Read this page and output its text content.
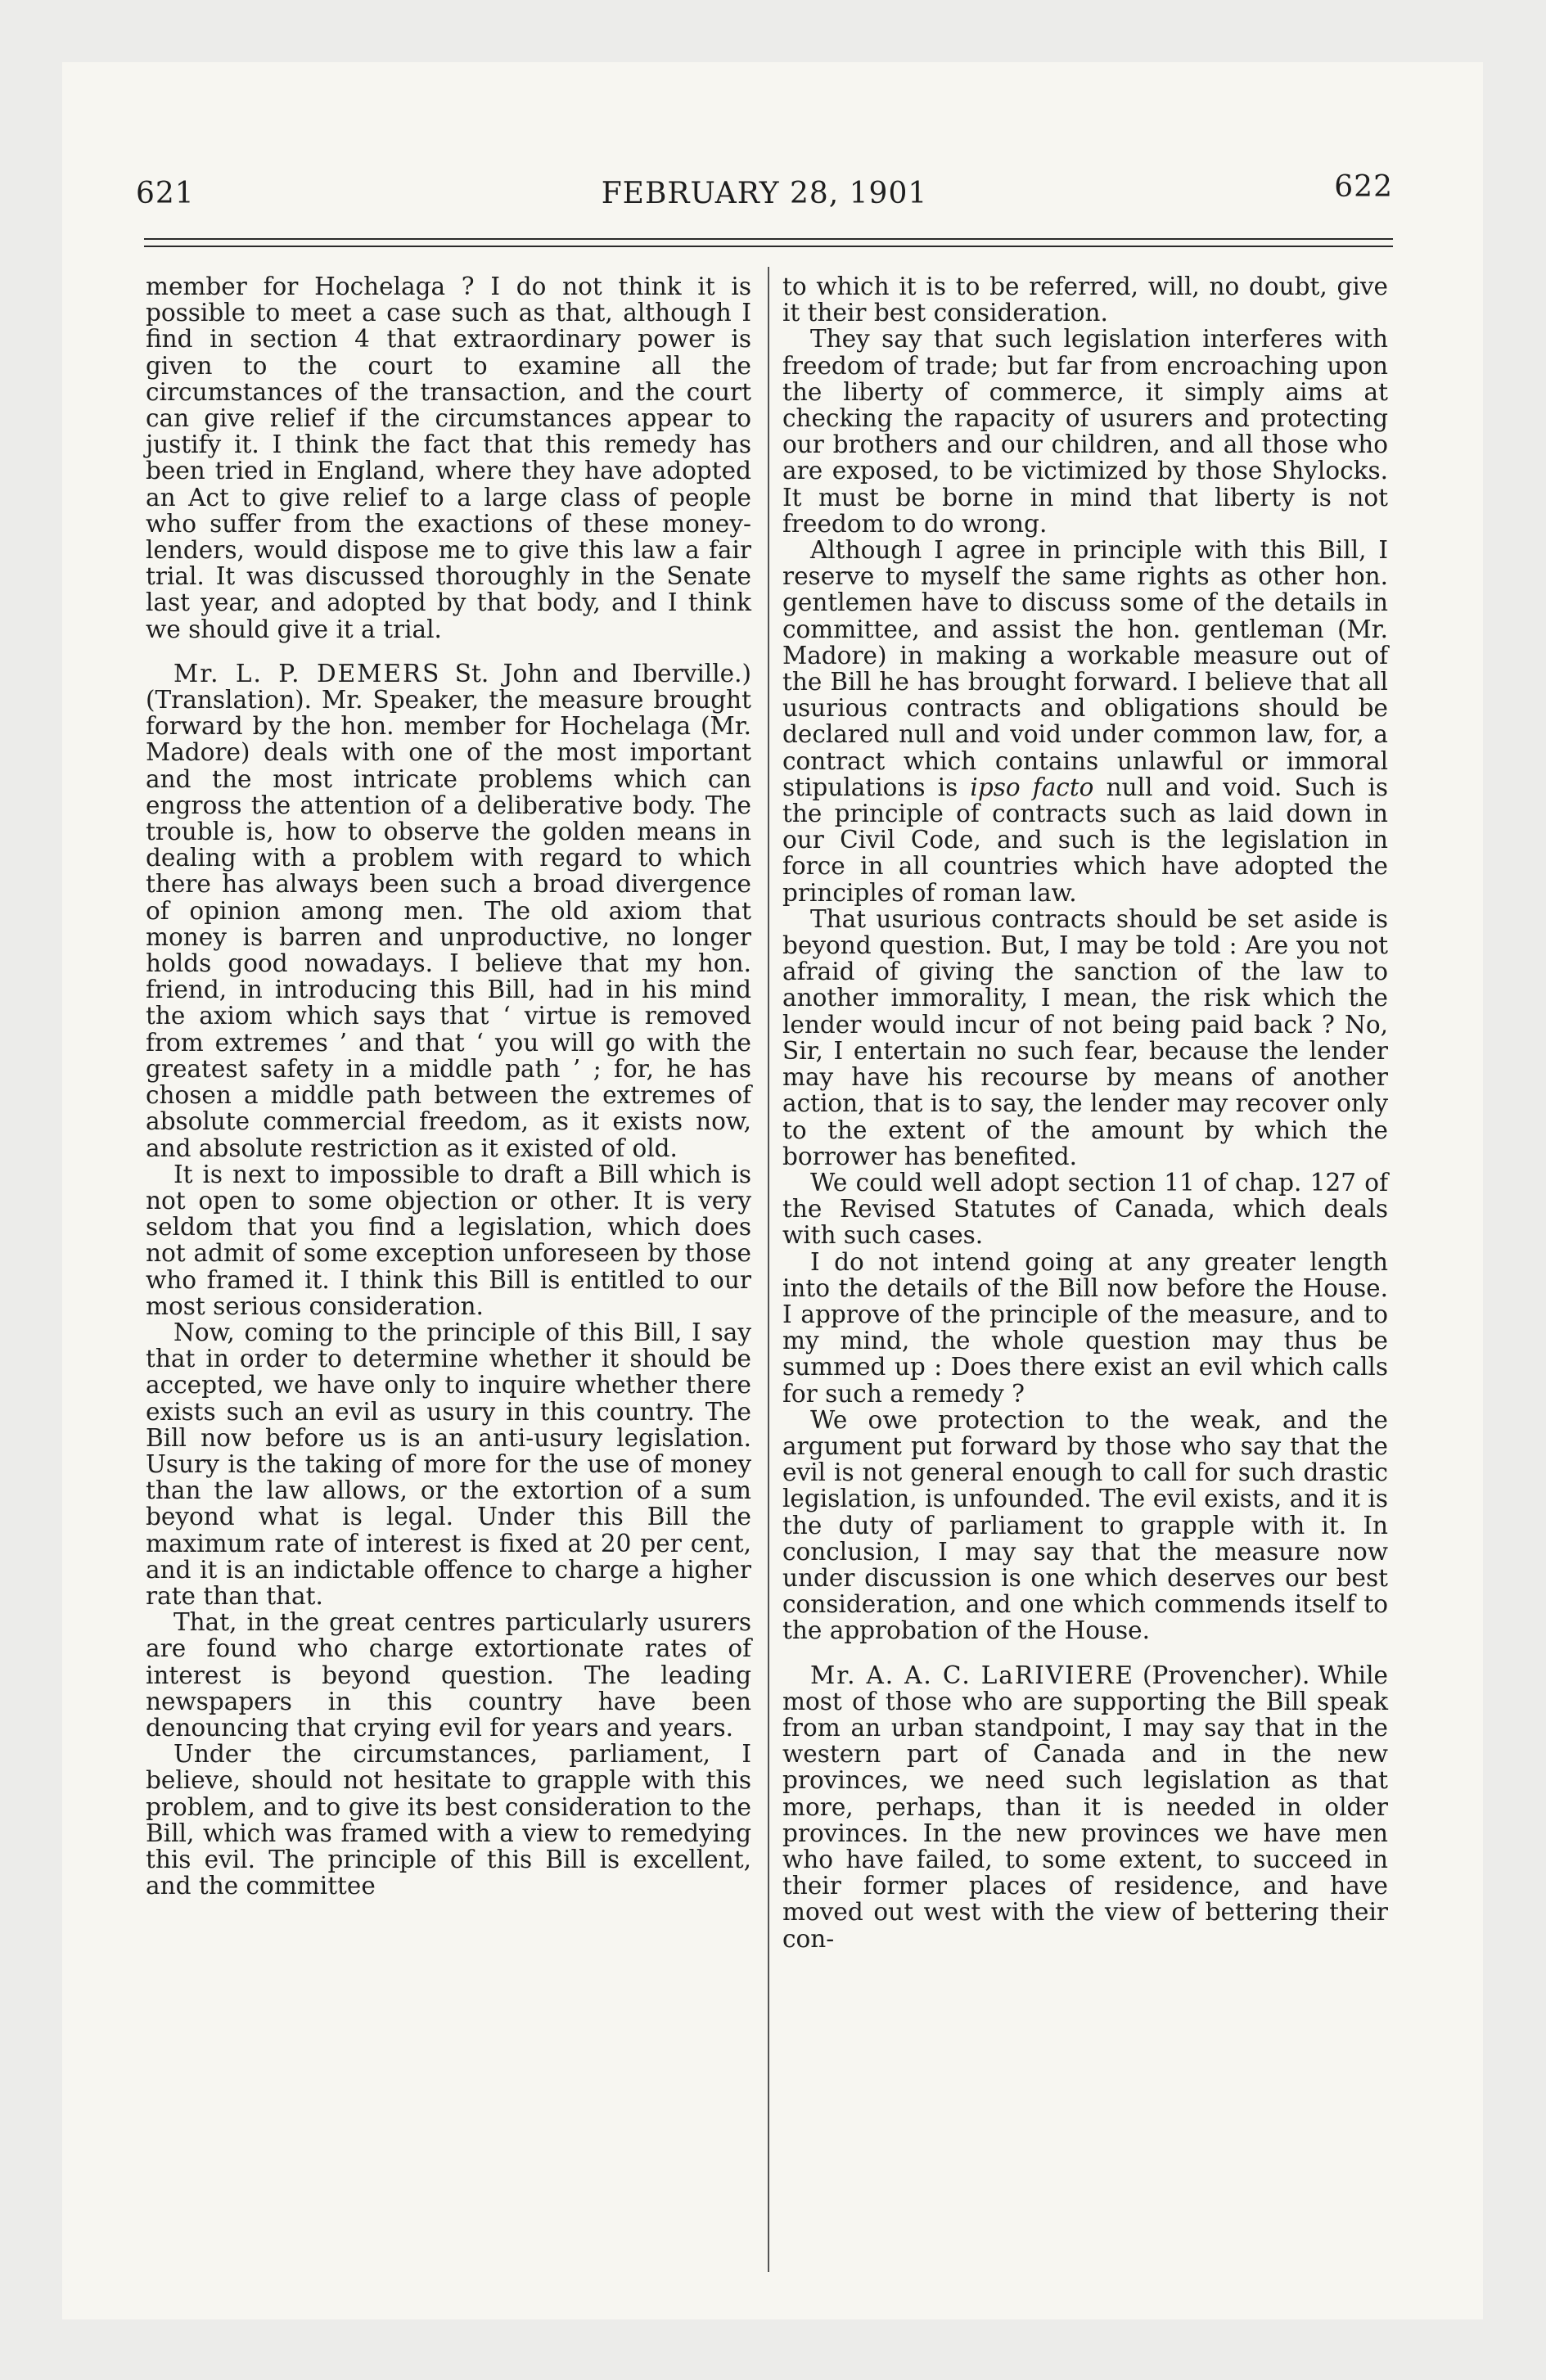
621	FEBRUARY 28, 1901	622

member for Hochelaga ? I do not think it is possible to meet a case such as that, although I find in section 4 that extraordinary power is given to the court to examine all the circumstances of the transaction, and the court can give relief if the circumstances appear to justify it. I think the fact that this remedy has been tried in England, where they have adopted an Act to give relief to a large class of people who suffer from the exactions of these money-lenders, would dispose me to give this law a fair trial. It was discussed thoroughly in the Senate last year, and adopted by that body, and I think we should give it a trial.

Mr. L. P. DEMERS St. John and Iberville.) (Translation). Mr. Speaker, the measure brought forward by the hon. member for Hochelaga (Mr. Madore) deals with one of the most important and the most intricate problems which can engross the attention of a deliberative body. The trouble is, how to observe the golden means in dealing with a problem with regard to which there has always been such a broad divergence of opinion among men. The old axiom that money is barren and unproductive, no longer holds good nowadays. I believe that my hon. friend, in introducing this Bill, had in his mind the axiom which says that ‘ virtue is removed from extremes ’ and that ‘ you will go with the greatest safety in a middle path ’ ; for, he has chosen a middle path between the extremes of absolute commercial freedom, as it exists now, and absolute restriction as it existed of old.

It is next to impossible to draft a Bill which is not open to some objection or other. It is very seldom that you find a legislation, which does not admit of some exception unforeseen by those who framed it. I think this Bill is entitled to our most serious consideration.

Now, coming to the principle of this Bill, I say that in order to determine whether it should be accepted, we have only to inquire whether there exists such an evil as usury in this country. The Bill now before us is an anti-usury legislation. Usury is the taking of more for the use of money than the law allows, or the extortion of a sum beyond what is legal. Under this Bill the maximum rate of interest is fixed at 20 per cent, and it is an indictable offence to charge a higher rate than that.

That, in the great centres particularly usurers are found who charge extortionate rates of interest is beyond question. The leading newspapers in this country have been denouncing that crying evil for years and years.

Under the circumstances, parliament, I believe, should not hesitate to grapple with this problem, and to give its best consideration to the Bill, which was framed with a view to remedying this evil. The principle of this Bill is excellent, and the committee

to which it is to be referred, will, no doubt, give it their best consideration.

They say that such legislation interferes with freedom of trade; but far from encroaching upon the liberty of commerce, it simply aims at checking the rapacity of usurers and protecting our brothers and our children, and all those who are exposed, to be victimized by those Shylocks. It must be borne in mind that liberty is not freedom to do wrong.

Although I agree in principle with this Bill, I reserve to myself the same rights as other hon. gentlemen have to discuss some of the details in committee, and assist the hon. gentleman (Mr. Madore) in making a workable measure out of the Bill he has brought forward. I believe that all usurious contracts and obligations should be declared null and void under common law, for, a contract which contains unlawful or immoral stipulations is ipso facto null and void. Such is the principle of contracts such as laid down in our Civil Code, and such is the legislation in force in all countries which have adopted the principles of roman law.

That usurious contracts should be set aside is beyond question. But, I may be told : Are you not afraid of giving the sanction of the law to another immorality, I mean, the risk which the lender would incur of not being paid back ? No, Sir, I entertain no such fear, because the lender may have his recourse by means of another action, that is to say, the lender may recover only to the extent of the amount by which the borrower has benefited.

We could well adopt section 11 of chap. 127 of the Revised Statutes of Canada, which deals with such cases.

I do not intend going at any greater length into the details of the Bill now before the House. I approve of the principle of the measure, and to my mind, the whole question may thus be summed up : Does there exist an evil which calls for such a remedy ?

We owe protection to the weak, and the argument put forward by those who say that the evil is not general enough to call for such drastic legislation, is unfounded. The evil exists, and it is the duty of parliament to grapple with it. In conclusion, I may say that the measure now under discussion is one which deserves our best consideration, and one which commends itself to the approbation of the House.

Mr. A. A. C. LaRIVIERE (Provencher). While most of those who are supporting the Bill speak from an urban standpoint, I may say that in the western part of Canada and in the new provinces, we need such legislation as that more, perhaps, than it is needed in older provinces. In the new provinces we have men who have failed, to some extent, to succeed in their former places of residence, and have moved out west with the view of bettering their con-
